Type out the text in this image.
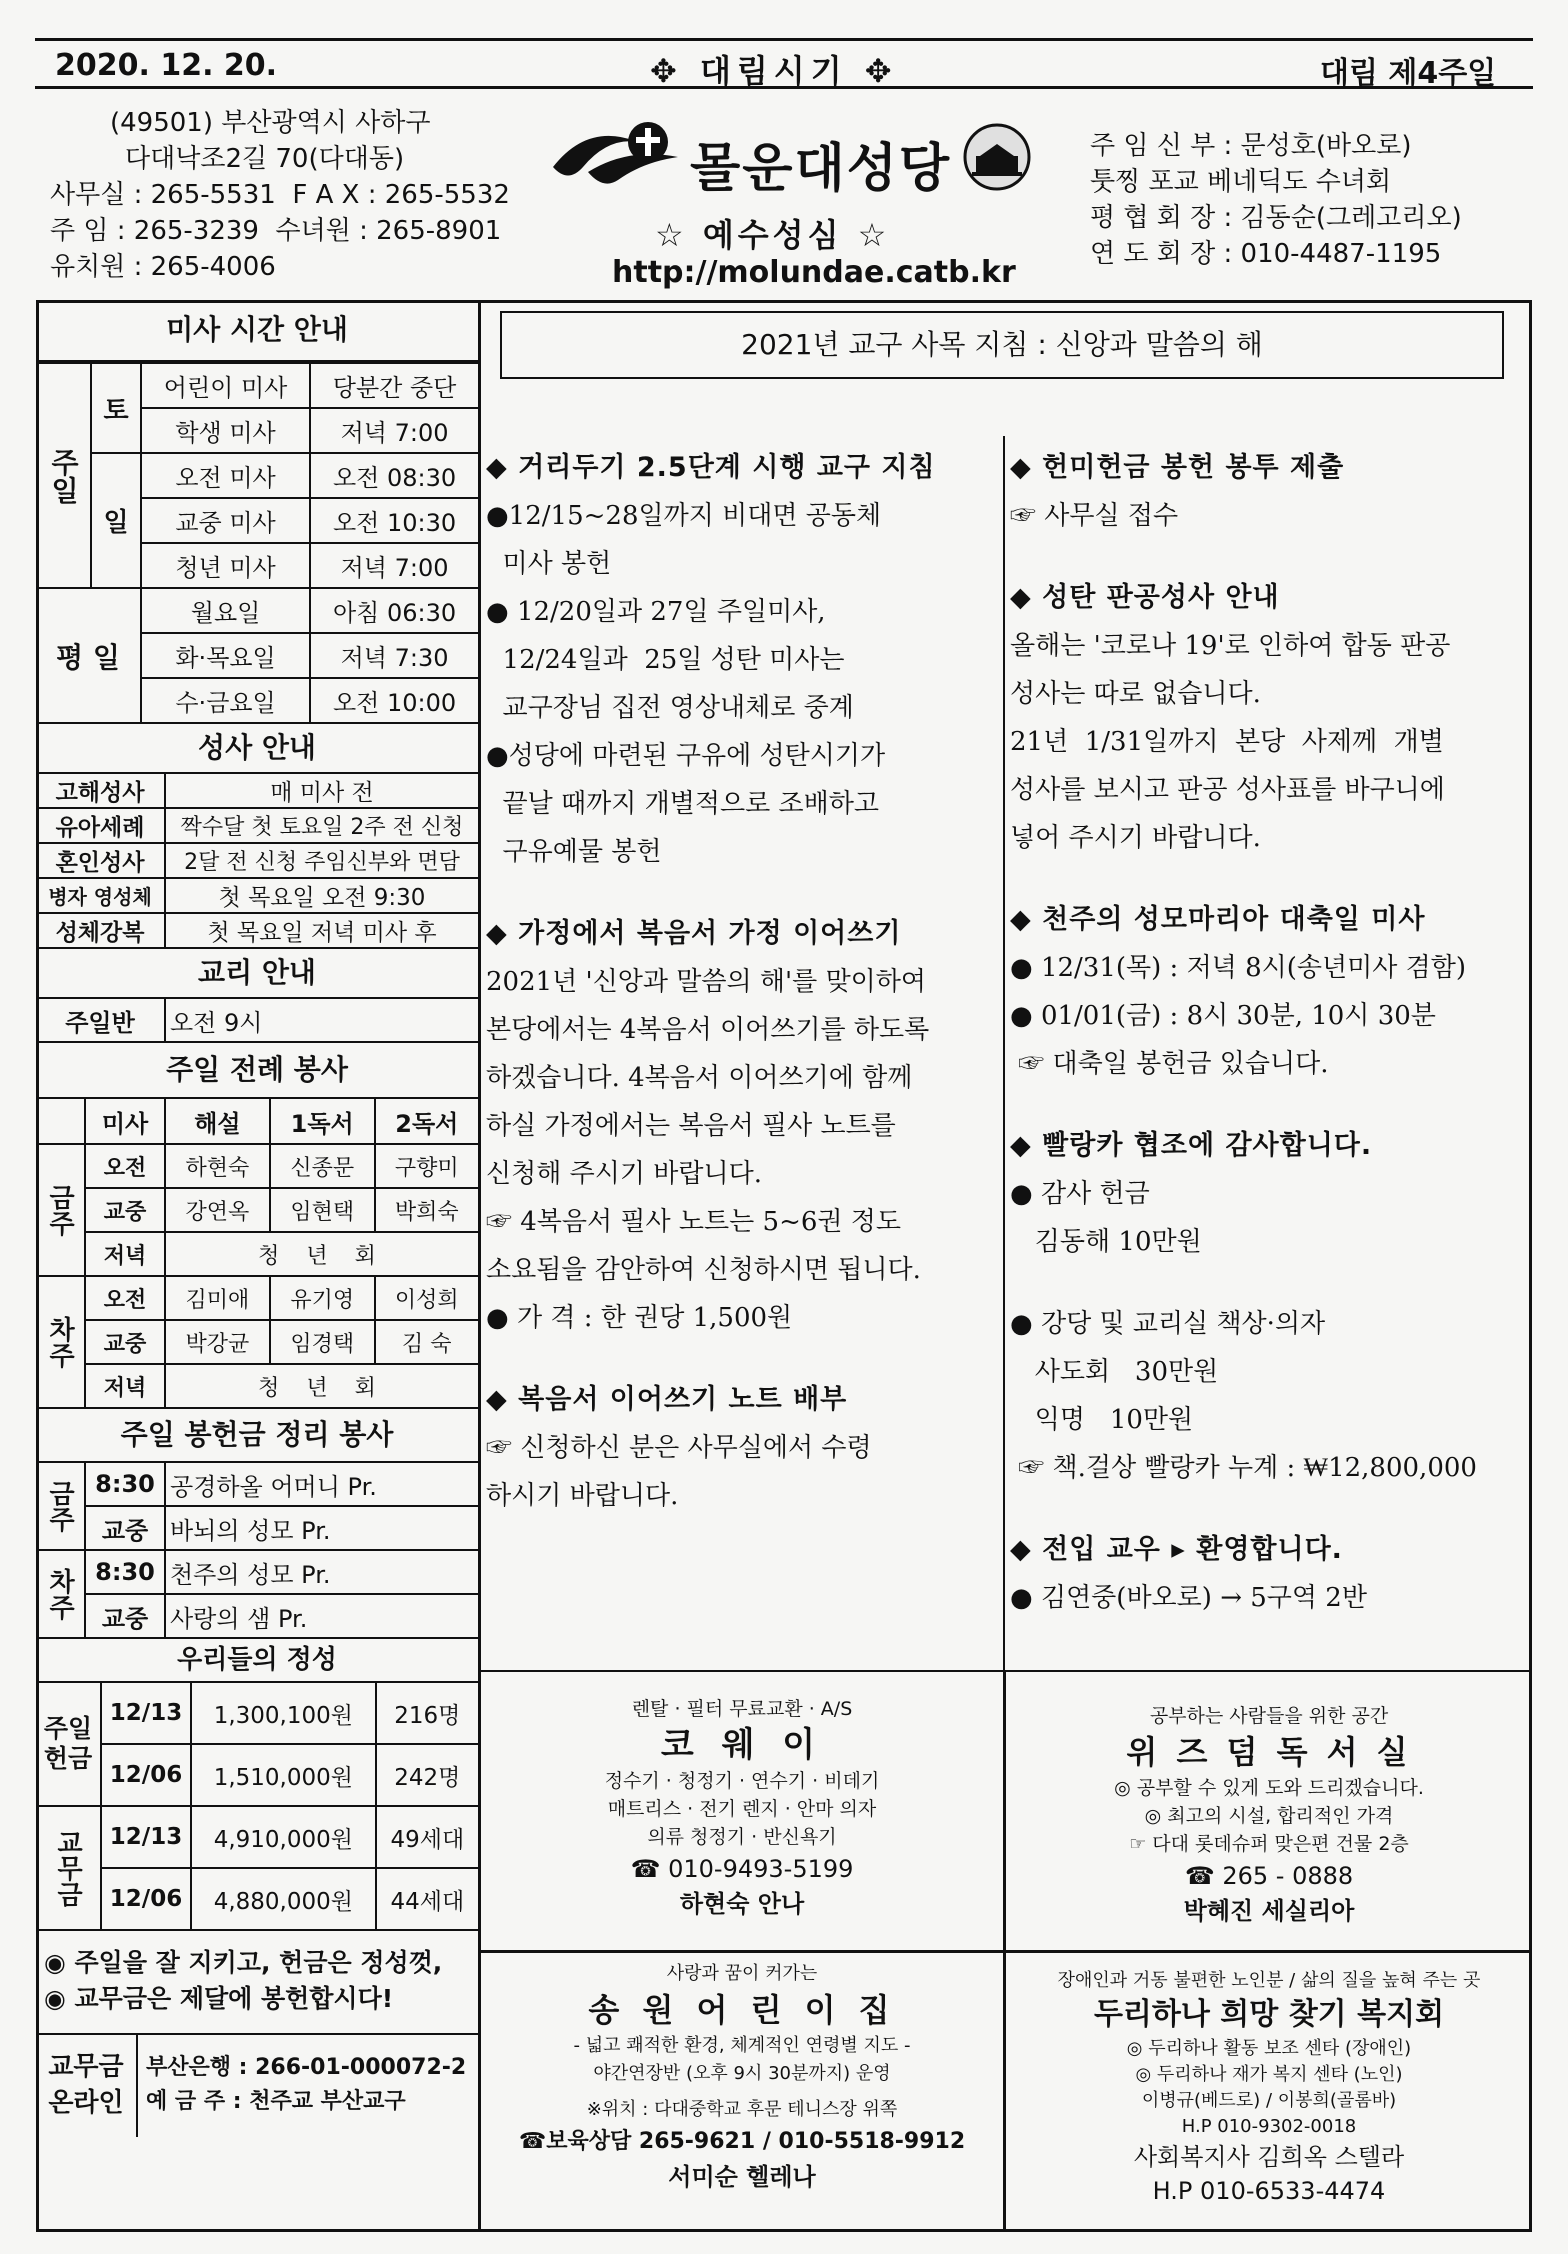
2020. 12. 20.	✥ 대림시기 ✥	대림 제4주일
(49501) 부산광역시 사하구
다대낙조2길 70(다대동)
사무실 : 265-5531 F A X : 265-5532
주 임 : 265-3239 수녀원 : 265-8901
유치원 : 265-4006
몰운대성당
☆ 예수성심 ☆
http://molundae.catb.kr
주 임 신 부 : 문성호(바오로)
툿찡 포교 베네딕도 수녀회
평 협 회 장 : 김동순(그레고리오)
연 도 회 장 : 010-4487-1195
미사 시간 안내
주일	토	어린이 미사	당분간 중단
		학생 미사	저녁 7:00
	일	오전 미사	오전 08:30
		교중 미사	오전 10:30
		청년 미사	저녁 7:00
평 일		월요일	아침 06:30
		화·목요일	저녁 7:30
		수·금요일	오전 10:00
성사 안내
고해성사	매 미사 전
유아세례	짝수달 첫 토요일 2주 전 신청
혼인성사	2달 전 신청 주임신부와 면담
병자 영성체	첫 목요일 오전 9:30
성체강복	첫 목요일 저녁 미사 후
교리 안내
주일반	오전 9시
주일 전례 봉사
	미사	해설	1독서	2독서

금주	오전	하현숙	신종문	구향미
	교중	강연옥	임현택	박희숙
	저녁	청 년 회		

차주	오전	김미애	유기영	이성희
	교중	박강균	임경택	김 숙
	저녁	청 년 회		
주일 봉헌금 정리 봉사
금주	8:30	공경하올 어머니 Pr.
	교중	바뇌의 성모 Pr.

차주	8:30	천주의 성모 Pr.
	교중	사랑의 샘 Pr.
우리들의 정성
주일헌금	12/13	1,300,100원	216명
	12/06	1,510,000원	242명

교무금	12/13	4,910,000원	49세대
	12/06	4,880,000원	44세대
◉ 주일을 잘 지키고, 헌금은 정성껏,
◉ 교무금은 제달에 봉헌합시다!
교무금
온라인
부산은행 : 266-01-000072-2
예 금 주 : 천주교 부산교구
2021년 교구 사목 지침 : 신앙과 말씀의 해
◆ 거리두기 2.5단계 시행 교구 지침
●12/15~28일까지 비대면 공동체
미사 봉헌
● 12/20일과 27일 주일미사,
12/24일과  25일 성탄 미사는
교구장님 집전 영상내체로 중계
●성당에 마련된 구유에 성탄시기가
끝날 때까지 개별적으로 조배하고
구유예물 봉헌
◆ 가정에서 복음서 가정 이어쓰기
2021년 '신앙과 말씀의 해'를 맞이하여
본당에서는 4복음서 이어쓰기를 하도록
하겠습니다. 4복음서 이어쓰기에 함께
하실 가정에서는 복음서 필사 노트를
신청해 주시기 바랍니다.
☞ 4복음서 필사 노트는 5~6권 정도
소요됨을 감안하여 신청하시면 됩니다.
● 가 격 : 한 권당 1,500원
◆ 복음서 이어쓰기 노트 배부
☞ 신청하신 분은 사무실에서 수령
하시기 바랍니다.
◆ 헌미헌금 봉헌 봉투 제출
☞ 사무실 접수
◆ 성탄 판공성사 안내
올해는 '코로나 19'로 인하여 합동 판공
성사는 따로 없습니다.
21년  1/31일까지  본당  사제께  개별
성사를 보시고 판공 성사표를 바구니에
넣어 주시기 바랍니다.
◆ 천주의 성모마리아 대축일 미사
● 12/31(목) : 저녁 8시(송년미사 겸함)
● 01/01(금) : 8시 30분, 10시 30분
☞ 대축일 봉헌금 있습니다.
◆ 빨랑카 협조에 감사합니다.
● 감사 헌금
김동해 10만원
● 강당 및 교리실 책상·의자
사도회   30만원
익명   10만원
☞ 책.걸상 빨랑카 누계 : ₩12,800,000
◆ 전입 교우 ▸ 환영합니다.
● 김연중(바오로) → 5구역 2반
렌탈 · 필터 무료교환 · A/S
코 웨 이
정수기 · 청정기 · 연수기 · 비데기
매트리스 · 전기 렌지 · 안마 의자
의류 청정기 · 반신욕기
☎ 010-9493-5199
하현숙 안나
공부하는 사람들을 위한 공간
위 즈 덤 독 서 실
◎ 공부할 수 있게 도와 드리겠습니다.
◎ 최고의 시설, 합리적인 가격
☞ 다대 롯데슈퍼 맞은편 건물 2층
☎ 265 - 0888
박혜진 세실리아
사랑과 꿈이 커가는
송 원 어 린 이 집
- 넓고 쾌적한 환경, 체계적인 연령별 지도 -
야간연장반 (오후 9시 30분까지) 운영
※위치 : 다대중학교 후문 테니스장 위쪽
☎보육상담 265-9621 / 010-5518-9912
서미순 헬레나
장애인과 거동 불편한 노인분 / 삶의 질을 높혀 주는 곳
두리하나 희망 찾기 복지회
◎ 두리하나 활동 보조 센타 (장애인)
◎ 두리하나 재가 복지 센타 (노인)
이병규(베드로) / 이봉희(골롬바)
H.P 010-9302-0018
사회복지사 김희옥 스텔라
H.P 010-6533-4474
